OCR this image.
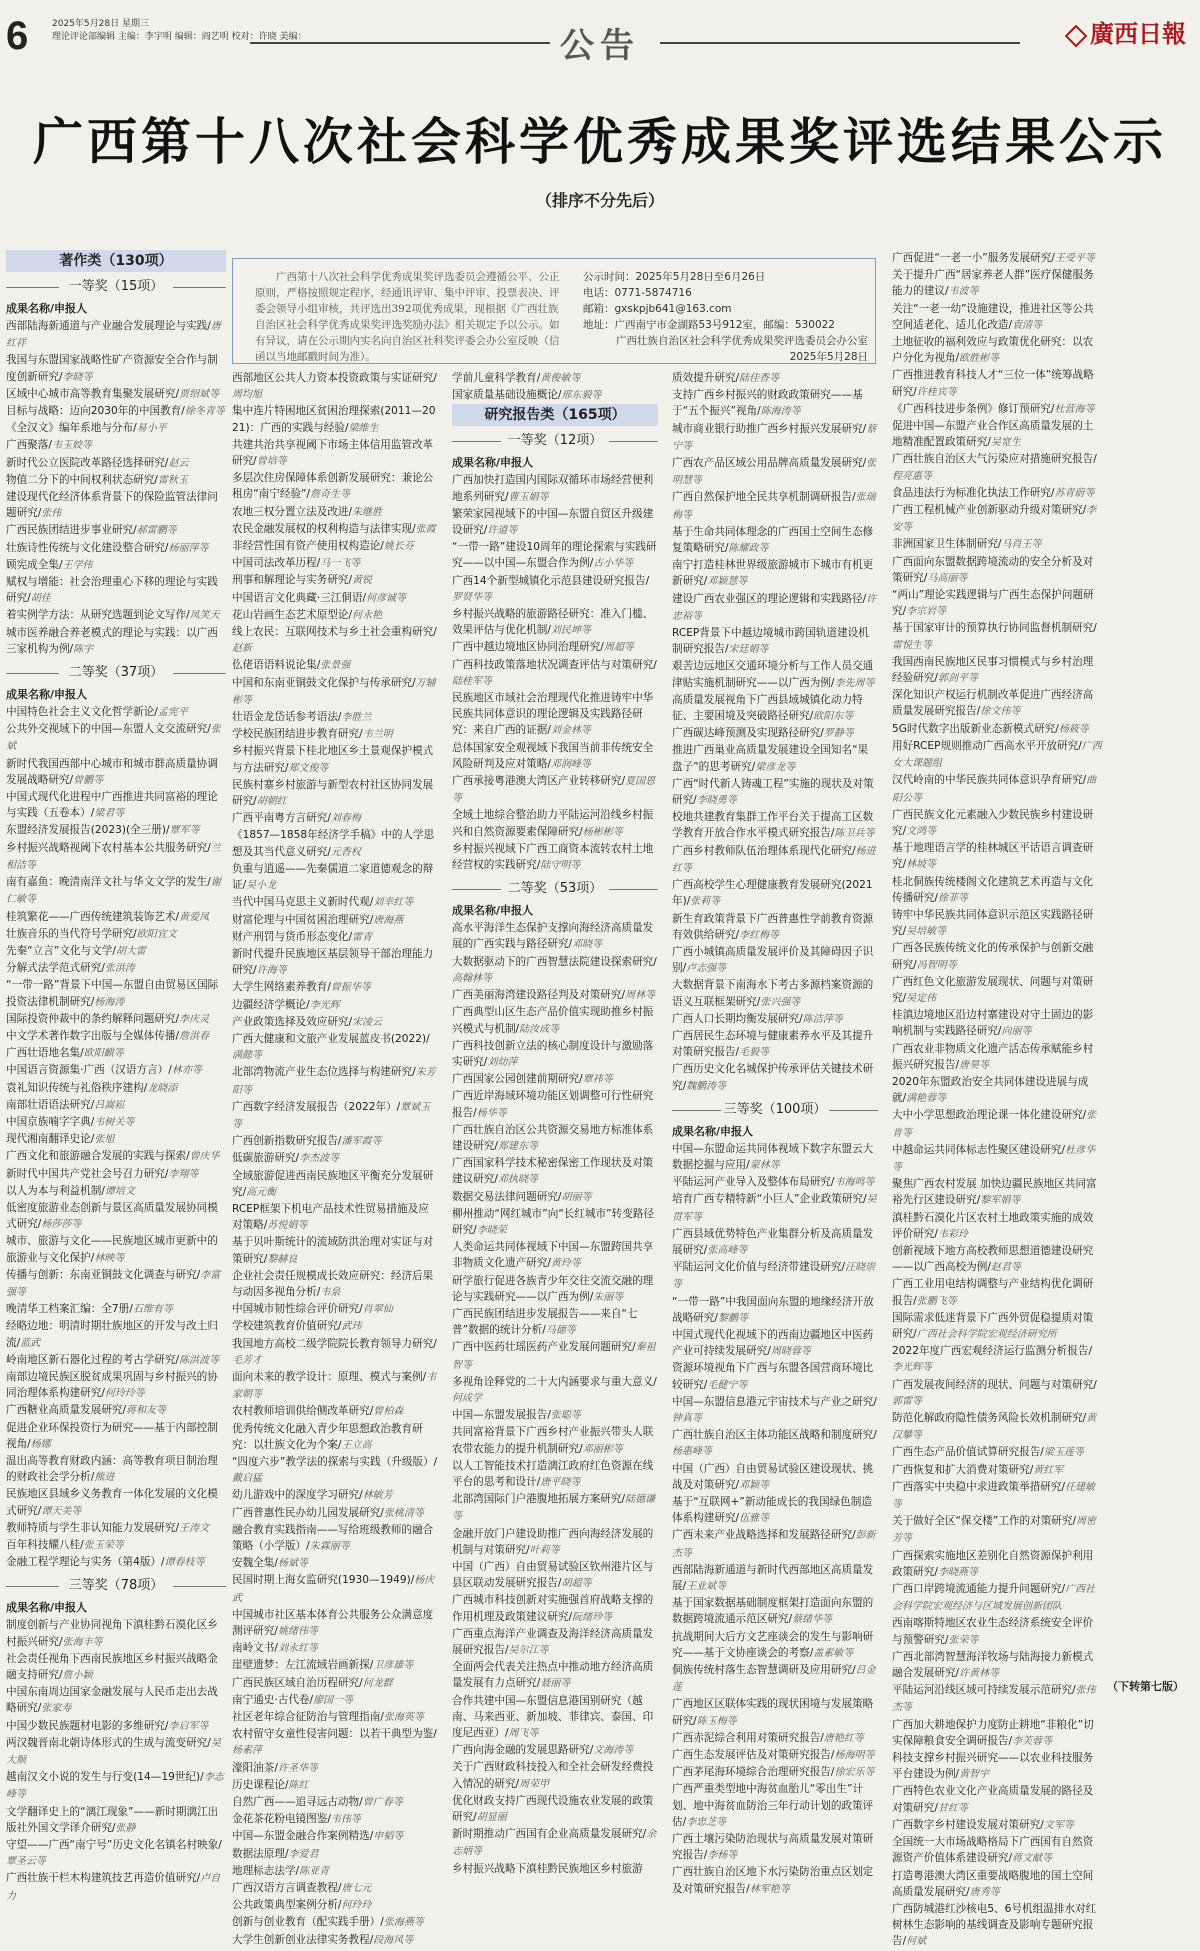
6	2025年5月28日 星期三
理论评论部编辑 主编：李宇明 编辑：阎艺明 校对：许晓 美编：	公告	廣西日報
广西第十八次社会科学优秀成果奖评选结果公示
（排序不分先后）
广西第十八次社会科学优秀成果奖评选委员会遵循公平、公正原则，严格按照规定程序，经通讯评审、集中评审、投票表决、评委会领导小组审核，共评选出392项优秀成果，现根据《广西壮族自治区社会科学优秀成果奖评选奖励办法》相关规定予以公示。如有异议，请在公示期内实名向自治区社科奖评委会办公室反映（信函以当地邮戳时间为准）。
公示时间：2025年5月28日至6月26日
电话：0771-5874716
邮箱：gxskpjb641@163.com
地址：广西南宁市金湖路53号912室，邮编：530022
广西壮族自治区社会科学优秀成果奖评选委员会办公室
2025年5月28日
著作类（130项）
一等奖（15项）
成果名称/申报人
西部陆海新通道与产业融合发展理论与实践/唐红祥
我国与东盟国家战略性矿产资源安全合作与制度创新研究/李晓等
区域中心城市高等教育集聚发展研究/贾绍斌等
目标与战略：迈向2030年的中国教育/徐冬青等
《全汉文》编年系地与分布/易小平
广西聚落/韦玉姣等
新时代公立医院改革路径选择研究/赵云
物值二分下的中间权利状态研究/雷秋玉
建设现代化经济体系背景下的保险监管法律问题研究/张伟
广西民族团结进步事业研究/郝雷鹏等
壮族诗性传统与文化建设整合研究/杨丽萍等
顾宪成全集/王学伟
赋权与增能：社会治理重心下移的理论与实践研究/胡佳
着实例学方法：从研究选题到论文写作/凤笑天
城市医养融合养老模式的理论与实践：以广西三家机构为例/陈宇
二等奖（37项）
成果名称/申报人
中国特色社会主义文化哲学新论/孟宪平
公共外交视域下的中国—东盟人文交流研究/张斌
新时代我国西部中心城市和城市群高质量协调发展战略研究/曾鹏等
中国式现代化进程中广西推进共同富裕的理论与实践（五卷本）/梁君等
东盟经济发展报告(2023)(全三册)/覃军等
乡村振兴战略视阈下农村基本公共服务研究/兰相洁等
南有嘉鱼：晚清南洋文社与华文文学的发生/谢仁敏等
桂筑繁花——广西传统建筑装饰艺术/黄爱凤
壮族音乐的当代符号学研究/欧阳宜文
先秦“立言”文化与文学/胡大雷
分解式法学范式研究/张洪涛
“一带一路”背景下中国—东盟自由贸易区国际投资法律机制研究/杨海涛
国际投资仲裁中的条约解释问题研究/李庆灵
中文学术著作数字出版与全媒体传播/詹洪春
广西壮语地名集/欧阳麒等
中国语言资源集·广西（汉语方言）/林亦等
袁礼知识传统与礼俗秩序建构/龙晓添
南部壮语语法研究/吕嵩崧
中国京族喃字字典/韦树关等
现代湘南翻译史论/张旭
广西文化和旅游融合发展的实践与探索/曾庆华
新时代中国共产党社会号召力研究/李翔等
以人为本与利益机制/谭培文
低密度旅游业态创新与景区高质量发展协同模式研究/杨莎莎等
城市、旅游与文化——民族地区城市更新中的旅游业与文化保护/林映等
传播与创新：东南亚铜鼓文化调查与研究/李富强等
晚清华工档案汇编：全7册/石维有等
经略边地：明清时期壮族地区的开发与改土归流/蓝武
岭南地区新石器化过程的考古学研究/陈洪波等
南部边境民族区脱贫成果巩固与乡村振兴的协同治理体系构建研究/何玲玲等
广西糖业高质量发展研究/蒋和友等
促进企业环保投资行为研究——基于内部控制视角/杨娜
温出高等教育财政内涵：高等教育项目制治理的财政社会学分析/熊进
民族地区县域乡义务教育一体化发展的文化模式研究/谭天美等
教师特质与学生非认知能力发展研究/王涛文
百年科技耀八桂/张玉荣等
金融工程学理论与实务（第4版）/谭春枝等
三等奖（78项）
成果名称/申报人
制度创新与产业协同视角下滇桂黔石漠化区乡村振兴研究/张海丰等
社会责任视角下西南民族地区乡村振兴战略金融支持研究/詹小颖
中国东南周边国家金融发展与人民币走出去战略研究/张家寿
中国少数民族题材电影的多维研究/李启军等
两汉魏晋南北朝诗体形式的生成与流变研究/吴大顺
越南汉文小说的发生与行变(14—19世纪)/李志峰等
文学翻译史上的“漓江现象”——新时期漓江出版社外国文学译介研究/张静
守望——广西“南宁号”历史文化名镇名村映象/覃圣云等
广西壮族干栏木构建筑技艺再造价值研究/卢自力
西部地区公共人力资本投资政策与实证研究/周均旭
集中连片特困地区贫困治理探索(2011—2021)：广西的实践与经验/梁维生
共建共治共享视阈下市场主体信用监管改革研究/曾培等
多层次住房保障体系创新发展研究：兼论公租房“南宁经验”/詹奇生等
农地三权分置立法及改进/朱继胜
农民金融发展权的权利构造与法律实现/张霞
非经营性国有资产使用权构造论/姚长芬
中国司法改革历程/马一飞等
刑事和解理论与实务研究/黄锐
中国语言文化典藏·三江侗语/何彦诚等
花山岩画生态艺术原型论/何永艳
线上农民：互联网技术与乡土社会重构研究/赵新
仫佬语语料说论集/张景强
中国和东南亚铜鼓文化保护与传承研究/万辅彬等
壮语金龙岱话参考语法/李胜兰
学校民族团结进步教育研究/韦兰明
乡村振兴背景下桂北地区乡土景观保护模式与方法研究/郑文俊等
民族村寨乡村旅游与新型农村社区协同发展研究/胡朝红
广西平南粤方言研究/刘春梅
《1857—1858年经济学手稿》中的人学思想及其当代意义研究/元香权
负重与逍遥——先秦儒道二家道德观念的辩证/吴小龙
当代中国马克思主义新时代观/刘幸红等
财富伦理与中国贫困治理研究/唐海燕
财产刑罚与货币形态变化/雷青
新时代提升民族地区基层领导干部治理能力研究/许海等
大学生网络素养教育/曾振华等
边疆经济学概论/李光辉
产业政策选择及效应研究/宋凌云
广西大健康和文旅产业发展蓝皮书(2022)/满懿等
北部湾物流产业生态位选择与构建研究/朱芳阳等
广西数字经济发展报告（2022年）/覃斌玉等
广西创新指数研究报告/潘军霞等
低碳旅游研究/李杰波等
全域旅游促进西南民族地区平衡充分发展研究/高元衡
RCEP框架下机电产品技术性贸易措施及应对策略/苏悦娟等
基于贝叶斯统计的流域防洪治理对实证与对策研究/黎赫良
企业社会责任规模成长效应研究：经济后果与动因多视角分析/韦泉
中国城市韧性综合评价研究/肖翠仙
学校建筑教育价值研究/武玮
我国地方高校二级学院院长教育领导力研究/毛芳才
面向未来的教学设计：原理、模式与案例/韦家朝等
农村教师培训供给侧改革研究/曾柏森
优秀传统文化融入青少年思想政治教育研究：以壮族文化为个案/王立高
“四度六步”教学法的探索与实践（升级版）/戴启猛
幼儿游戏中的深度学习研究/林敏芳
广西普惠性民办幼儿园发展研究/张桃清等
融合教育实践指南——写给班级教师的融合策略（小学版）/朱霖丽等
安魏全集/杨斌等
民国时期上海女监研究(1930—1949)/杨庆武
中国城市社区基本体育公共服务公众满意度测评研究/姚绪伟等
南岭文书/刘永红等
崖壁遗梦：左江流域岩画新探/卫彦雄等
广西民族区域自治历程研究/何龙群
南宁通史·古代卷/廖国一等
社区老年综合征防治与管理指南/张海英等
农村留守女童性侵害问题：以若干典型为鉴/杨素萍
濠阳油茶/许圣华等
历史课程论/陈红
自然广西——追寻远古动物/曾广春等
金花茶花粉电镜图鉴/韦伟等
中国—东盟金融合作案例精选/申韬等
数据法原理/李爱君
地理标志法学/陈亚青
广西汉语方言调查教程/唐七元
公共政策典型案例分析/何玲玲
创新与创业教育（配实践手册）/张海燕等
大学生创新创业法律实务教程/段海风等
学前儿童科学教育/黄俊敏等
国家质量基础设施概论/邢东毅等
研究报告类（165项）
一等奖（12项）
成果名称/申报人
广西加快打造国内国际双循环市场经营便利地系列研究/曹玉娟等
繁荣家园视域下的中国—东盟自贸区升级建设研究/许道等
“一带一路”建设10周年的理论探索与实践研究——以中国—东盟合作为例/古小华等
广西14个新型城镇化示范县建设研究报告/罗贤华等
乡村振兴战略的旅游路径研究：准入门槛、效果评估与优化机制/刘民坤等
广西中越边境地区协同治理研究/周超等
广西科技政策落地状况调查评估与对策研究/陆桂军等
民族地区市域社会治理现代化推进铸牢中华民族共同体意识的理论逻辑及实践路径研究：来自广西的证据/刘金林等
总体国家安全观视域下我国当前非传统安全风险研判及应对策略/邓润峰等
广西承接粤港澳大湾区产业转移研究/夏国恩等
全域土地综合整治助力平陆运河沿线乡村振兴和自然资源要素保障研究/杨彬彬等
乡村振兴视域下广西工商资本流转农村土地经营权的实践研究/陆守明等
二等奖（53项）
成果名称/申报人
高水平海洋生态保护支撑向海经济高质量发展的广西实践与路径研究/邓晓等
大数据驱动下的广西智慧法院建设探索研究/高翰林等
广西美丽海湾建设路径判及对策研究/周林等
广西典型山区生态产品价值实现助推乡村振兴模式与机制/陆汝成等
广西科技创新立法的核心制度设计与激励落实研究/刘幼萍
广西国家公园创建前期研究/覃祎等
广西近岸海域环境功能区划调整可行性研究报告/杨华等
广西壮族自治区公共资源交易地方标准体系建设研究/郑建东等
广西国家科学技术秘密保密工作现状及对策建议研究/邓执晓等
数据交易法律问题研究/胡丽等
柳州推动“网红城市”向“长红城市”转变路径研究/李晓荣
人类命运共同体视域下中国—东盟跨国共享非物质文化遗产研究/黄玲等
研学旅行促进各族青少年交往交流交融的理论与实践研究——以广西为例/朱丽等
广西民族团结进步发展报告——来自“七普”数据的统计分析/马德等
广西中医药壮瑶医药产业发展问题研究/秦祖智等
多视角诠释党的二十大内涵要求与重大意义/何成学
中国—东盟发展报告/张聪等
共同富裕背景下广西乡村产业振兴带头人联农带农能力的提升机制研究/邓丽彬等
以人工智能技术打造漓江政府红色资源在线平台的思考和设计/唐平晓等
北部湾国际门户港腹地拓展方案研究/陆德谦等
金融开放门户建设助推广西向海经济发展的机制与对策研究/叶莉等
中国（广西）自由贸易试验区钦州港片区与县区联动发展研究报告/胡超等
广西城市科技创新对实施强首府战略支撑的作用机理及政策建议研究/阮绪珍等
广西重点海洋产业调查及海洋经济高质量发展研究报告/吴尔江等
全面两会代表关注热点中推动地方经济高质量发展有力点研究/聂丽等
合作共建中国—东盟信息港国别研究（越南、马来西亚、新加坡、菲律宾、泰国、印度尼西亚）/周飞等
广西向海金融的发展思路研究/文海涛等
关于广西财政科技投入和全社会研发经费投入情况的研究/周荣甲
优化财政支持广西现代设施农业发展的政策研究/胡显丽
新时期推动广西国有企业高质量发展研究/余志炳等
乡村振兴战略下滇桂黔民族地区乡村旅游
质效提升研究/陆佳香等
支持广西乡村振兴的财政政策研究——基于“五个振兴”视角/陈海涛等
城市商业银行助推广西乡村振兴发展研究/蔡宁等
广西农产品区域公用品牌高质量发展研究/张明慧等
广西自然保护地全民共享机制调研报告/张瑞梅等
基于生命共同体理念的广西国土空间生态修复策略研究/陈耀政等
南宁打造桂林世界级旅游城市下城市有机更新研究/邓颖慧等
建设广西农业强区的理论逻辑和实践路径/许忠裕等
RCEP背景下中越边境城市跨国轨道建设机制研究报告/宋廷娟等
艰苦边远地区交通环境分析与工作人员交通津贴实施机制研究——以广西为例/李先周等
高质量发展视角下广西县域城镇化动力特征、主要困境及突破路径研究/欧阳东等
广西碳达峰预测及实现路径研究/罗静等
推进广西巢业高质量发展建设全国知名“果盘子”的思考研究/梁彦龙等
广西“时代新人铸魂工程”实施的现状及对策研究/李晓勇等
校地共建教育集群工作平台关于提高工区数学教育开放合作水平模式研究报告/陈卫兵等
广西乡村教师队伍治理体系现代化研究/杨进红等
广西高校学生心理健康教育发展研究(2021年)/张莉等
新生育政策背景下广西普惠性学前教育资源有效供给研究/李红梅等
广西小城镇高质量发展评价及其障碍因子识别/卢志强等
大数据背景下南海水下考古多源档案资源的语义互联框架研究/张兴强等
广西人口长期均衡发展研究/陈洁萍等
广西居民生态环境与健康素养水平及其提升对策研究报告/毛毅等
广西历史文化名城保护传承评估关键技术研究/魏鹏涛等
三等奖（100项）
成果名称/申报人
中国—东盟命运共同体视域下数字东盟云大数据挖掘与应用/蒙林等
平陆运河产业导入及整体布局研究/韦海鸣等
培育广西专精特新“小巨人”企业政策研究/吴贯军等
广西县域优势特色产业集群分析及高质量发展研究/张高峰等
平陆运河文化价值与经济带建设研究/汪晓崇等
“一带一路”中我国面向东盟的地缘经济开放战略研究/黎鹏等
中国式现代化视域下的西南边疆地区中医药产业可持续发展研究/周晓蓉等
资源环境视角下广西与东盟各国营商环境比较研究/毛健宁等
中国—东盟信息港元宇宙技术与产业之研究/钟真等
广西壮族自治区主体功能区战略和制度研究/杨惠峰等
中国（广西）自由贸易试验区建设现状、挑战及对策研究/邓颖等
基于“互联网+”新动能成长的我国绿色制造体系构建研究/伍雅等
广西未来产业战略选择和发展路径研究/彭新杰等
西部陆海新通道与新时代西部地区高质量发展/王业斌等
基于国家数据基础制度框架打造面向东盟的数据跨境流通示范区研究/蔡绪华等
抗战期间大后方文艺座谈会的发生与影响研究——基于文协座谈会的考察/盖素敏等
侗族传统村落生态智慧调研及应用研究/吕金莲
广西地区区联体实践的现状困境与发展策略研究/陈玉梅等
广西赤泥综合利用对策研究报告/唐艳红等
广西生态发展评估及对策研究报告/杨海明等
广西茅尾海环境综合治理研究报告/徐宏乐等
广西严重类型地中海贫血胎儿“零出生”计划、地中海贫血防治三年行动计划的政策评估/李忠芝等
广西土壤污染防治现状与高质量发展对策研究报告/李杨等
广西壮族自治区地下水污染防治重点区划定及对策研究报告/林军艳等
广西促进“一老一小”服务发展研究/王受平等
关于提升广西“居家养老人群”医疗保健服务能力的建议/韦波等
关注“一老一幼”设施建设，推进社区等公共空间适老化、适儿化改造/袁清等
土地征收的福利效应与政策优化研究：以农户分化为视角/欧胜彬等
广西推进教育科技人才“三位一体”统筹战略研究/许桂宾等
《广西科技进步条例》修订预研究/杜营海等
促进中国—东盟产业合作区高质量发展的土地精准配置政策研究/吴宽生
广西壮族自治区大气污染应对措施研究报告/程亮惠等
食品违法行为标准化执法工作研究/苏青蔚等
广西工程机械产业创新驱动升级对策研究/李安等
非洲国家卫生体制研究/马肖王等
广西面向东盟数据跨境流动的安全分析及对策研究/马高丽等
“两山”理论实践逻辑与广西生态保护问题研究/李宗岩等
基于国家审计的预算执行协同监督机制研究/雷悦生等
我国西南民族地区民事习惯模式与乡村治理经验研究/郭剑平等
深化知识产权运行机制改革促进广西经济高质量发展研究报告/徐文伟等
5G时代数字出版新业态新模式研究/杨筱等
用好RCEP规则推动广西高水平开放研究/广西女大课题组
汉代岭南的中华民族共同体意识孕育研究/曲阳公等
广西民族文化元素融入少数民族乡村建设研究/文鸿等
基于地理语言学的桂林城区平话语言调查研究/林坡等
桂北侗族传统楼阁文化建筑艺术再造与文化传播研究/徐菲等
铸牢中华民族共同体意识示范区实践路径研究/吴培敏等
广西各民族传统文化的传承保护与创新交融研究/冯智明等
广西红色文化旅游发展现状、问题与对策研究/吴定伟
桂滇边境地区沿边村寨建设对守土固边的影响机制与实践路径研究/向丽等
广西农业非物质文化遗产活态传承赋能乡村振兴研究报告/唐昊等
2020年东盟政治安全共同体建设进展与成就/满艳蓉等
大中小学思想政治理论课一体化建设研究/张肯等
中越命运共同体标志性聚区建设研究/杜彦华等
聚焦广西农村发展 加快边疆民族地区共同富裕先行区建设研究/黎军娟等
滇桂黔石漠化片区农村土地政策实施的成效评价研究/韦彩玲
创新视域下地方高校教师思想道德建设研究——以广西高校为例/赵君等
广西工业用电结构调整与产业结构优化调研报告/张鹏飞等
国际需求低迷背景下广西外贸促稳提质对策研究/广西社会科学院宏观经济研究所
2022年度广西宏观经济运行监测分析报告/李光辉等
广西发展夜间经济的现状、问题与对策研究/郭雷等
防范化解政府隐性债务风险长效机制研究/黄汉攀等
广西生态产品价值试算研究报告/梁玉莲等
广西恢复和扩大消费对策研究/黄红军
广西落实中央稳中求进政策举措研究/任建敏等
关于做好全区“保交楼”工作的对策研究/周密芳等
广西探索实施地区差别化自然资源保护利用政策研究/李晓燕等
广西口岸跨境流通能力提升问题研究/广西社会科学院宏观经济与区域发展创新团队
西南喀斯特地区农业生态经济系统安全评价与预警研究/张荣等
广西北部湾智慧海洋牧场与陆海接力新模式融合发展研究/许黄林等
平陆运河沿线区域可持续发展示范研究/张伟杰等
广西加大耕地保护力度防止耕地“非粮化”切实保障粮食安全调研报告/李芙蓉等
科技支撑乡村振兴研究——以农业科技服务平台建设为例/黄智宇
广西特色农业文化产业高质量发展的路径及对策研究/甘红等
广西数字乡村建设发展对策研究/文军等
全国统一大市场战略格局下广西国有自然资源资产价值体系建设研究/蒋文献等
打造粤港澳大湾区重要战略腹地的国土空间高质量发展研究/唐秀等
广西防城港红沙核电5、6号机组温排水对红树林生态影响的基线调查及影响专题研究报告/何斌
（下转第七版）
